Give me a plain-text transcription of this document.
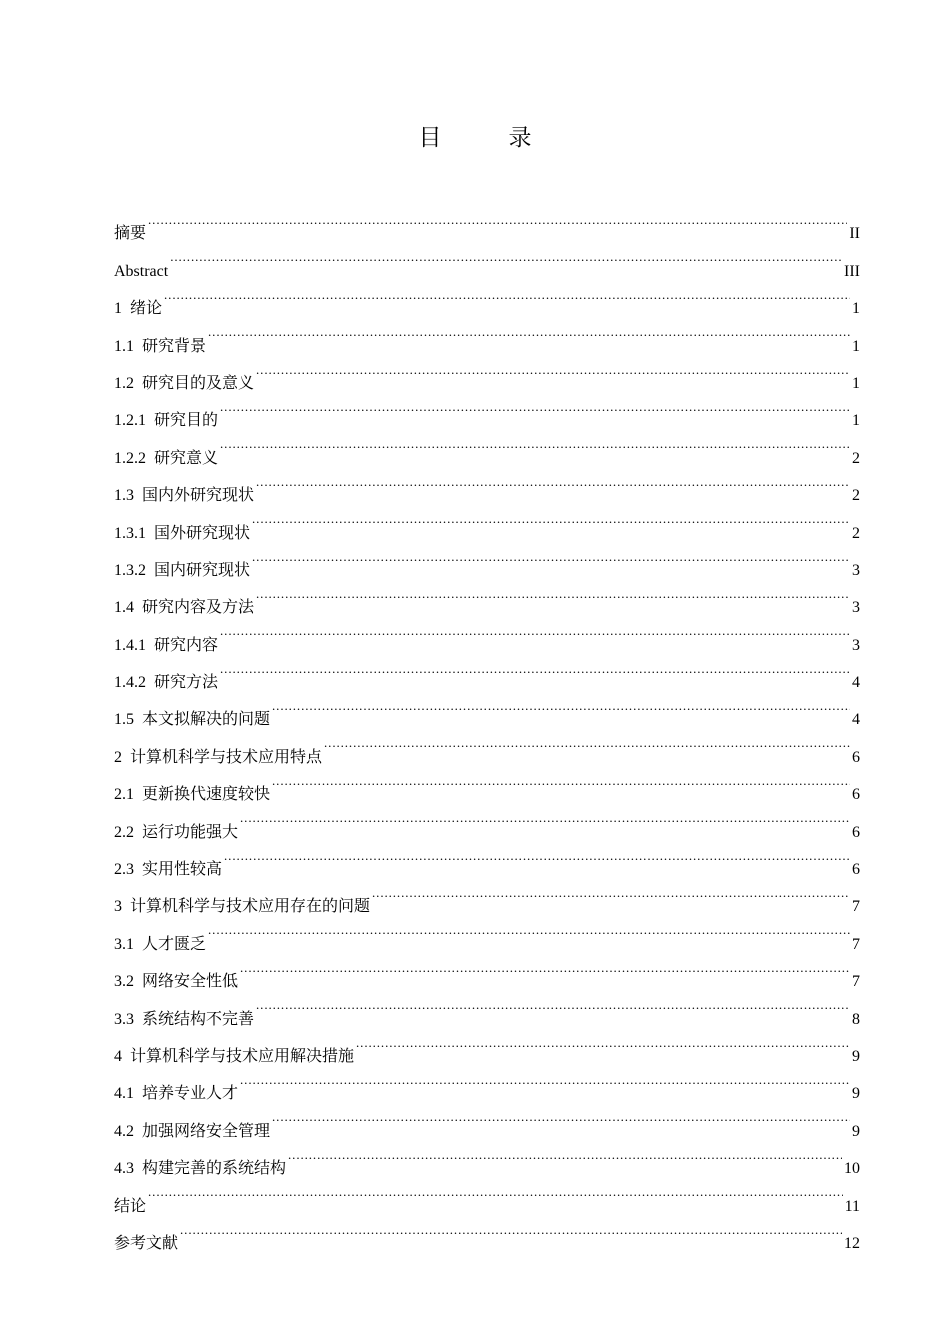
目　录
摘要 .....	II
Abstract .....	III
1 绪论 .....	1
1.1 研究背景 .....	1
1.2 研究目的及意义 .....	1
1.2.1 研究目的 .....	1
1.2.2 研究意义 .....	2
1.3 国内外研究现状 .....	2
1.3.1 国外研究现状 .....	2
1.3.2 国内研究现状 .....	3
1.4 研究内容及方法 .....	3
1.4.1 研究内容 .....	3
1.4.2 研究方法 .....	4
1.5 本文拟解决的问题 .....	4
2 计算机科学与技术应用特点 .....	6
2.1 更新换代速度较快 .....	6
2.2 运行功能强大 .....	6
2.3 实用性较高 .....	6
3 计算机科学与技术应用存在的问题 .....	7
3.1 人才匮乏 .....	7
3.2 网络安全性低 .....	7
3.3 系统结构不完善 .....	8
4 计算机科学与技术应用解决措施 .....	9
4.1 培养专业人才 .....	9
4.2 加强网络安全管理 .....	9
4.3 构建完善的系统结构 .....	10
结论 .....	11
参考文献 .....	12
